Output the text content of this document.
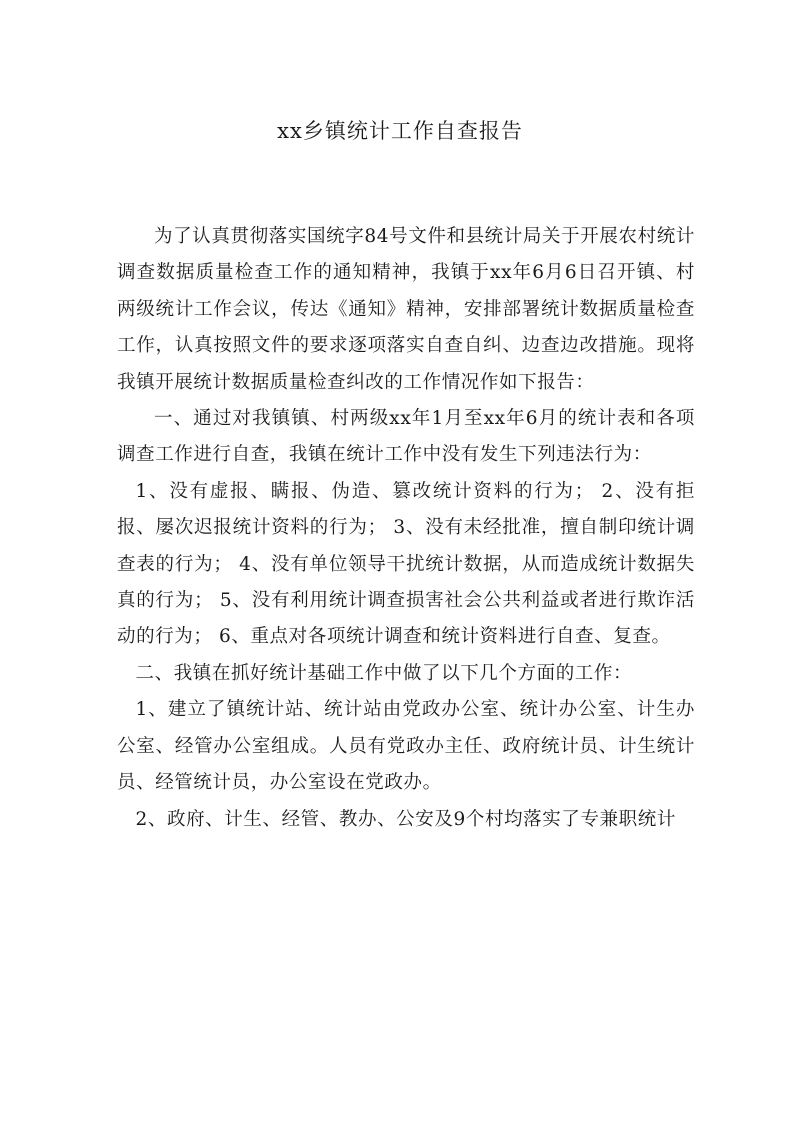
xx乡镇统计工作自查报告

为了认真贯彻落实国统字84号文件和县统计局关于开展农村统计调查数据质量检查工作的通知精神，我镇于xx年6月6日召开镇、村两级统计工作会议，传达《通知》精神，安排部署统计数据质量检查工作，认真按照文件的要求逐项落实自查自纠、边查边改措施。现将我镇开展统计数据质量检查纠改的工作情况作如下报告：

一、通过对我镇镇、村两级xx年1月至xx年6月的统计表和各项调查工作进行自查，我镇在统计工作中没有发生下列违法行为：

1、没有虚报、瞒报、伪造、篡改统计资料的行为； 2、没有拒报、屡次迟报统计资料的行为； 3、没有未经批准，擅自制印统计调查表的行为； 4、没有单位领导干扰统计数据，从而造成统计数据失真的行为； 5、没有利用统计调查损害社会公共利益或者进行欺诈活动的行为； 6、重点对各项统计调查和统计资料进行自查、复查。

二、我镇在抓好统计基础工作中做了以下几个方面的工作：

1、建立了镇统计站、统计站由党政办公室、统计办公室、计生办公室、经管办公室组成。人员有党政办主任、政府统计员、计生统计员、经管统计员，办公室设在党政办。

2、政府、计生、经管、教办、公安及9个村均落实了专兼职统计
